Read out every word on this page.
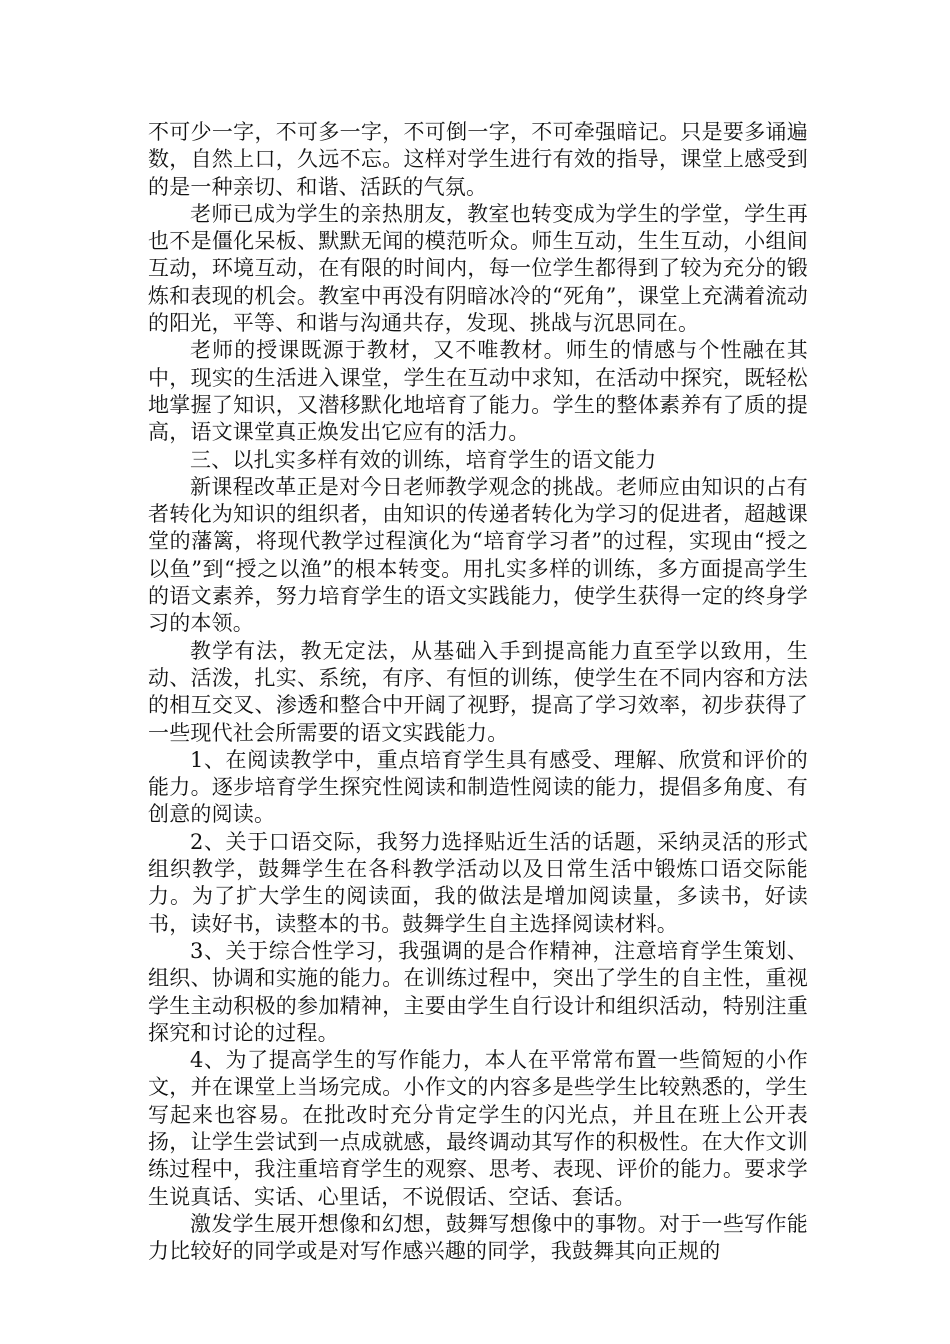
不可少一字，不可多一字，不可倒一字，不可牵强暗记。只是要多诵遍数，自然上口，久远不忘。这样对学生进行有效的指导，课堂上感受到的是一种亲切、和谐、活跃的气氛。

老师已成为学生的亲热朋友，教室也转变成为学生的学堂，学生再也不是僵化呆板、默默无闻的模范听众。师生互动，生生互动，小组间互动，环境互动，在有限的时间内，每一位学生都得到了较为充分的锻炼和表现的机会。教室中再没有阴暗冰冷的“死角”，课堂上充满着流动的阳光，平等、和谐与沟通共存，发现、挑战与沉思同在。

老师的授课既源于教材，又不唯教材。师生的情感与个性融在其中，现实的生活进入课堂，学生在互动中求知，在活动中探究，既轻松地掌握了知识，又潜移默化地培育了能力。学生的整体素养有了质的提高，语文课堂真正焕发出它应有的活力。

三、以扎实多样有效的训练，培育学生的语文能力

新课程改革正是对今日老师教学观念的挑战。老师应由知识的占有者转化为知识的组织者，由知识的传递者转化为学习的促进者，超越课堂的藩篱，将现代教学过程演化为“培育学习者”的过程，实现由“授之以鱼”到“授之以渔”的根本转变。用扎实多样的训练，多方面提高学生的语文素养，努力培育学生的语文实践能力，使学生获得一定的终身学习的本领。

教学有法，教无定法，从基础入手到提高能力直至学以致用，生动、活泼，扎实、系统，有序、有恒的训练，使学生在不同内容和方法的相互交叉、渗透和整合中开阔了视野，提高了学习效率，初步获得了一些现代社会所需要的语文实践能力。

1、在阅读教学中，重点培育学生具有感受、理解、欣赏和评价的能力。逐步培育学生探究性阅读和制造性阅读的能力，提倡多角度、有创意的阅读。

2、关于口语交际，我努力选择贴近生活的话题，采纳灵活的形式组织教学，鼓舞学生在各科教学活动以及日常生活中锻炼口语交际能力。为了扩大学生的阅读面，我的做法是增加阅读量，多读书，好读书，读好书，读整本的书。鼓舞学生自主选择阅读材料。

3、关于综合性学习，我强调的是合作精神，注意培育学生策划、组织、协调和实施的能力。在训练过程中，突出了学生的自主性，重视学生主动积极的参加精神，主要由学生自行设计和组织活动，特别注重探究和讨论的过程。

4、为了提高学生的写作能力，本人在平常常布置一些简短的小作文，并在课堂上当场完成。小作文的内容多是些学生比较熟悉的，学生写起来也容易。在批改时充分肯定学生的闪光点，并且在班上公开表扬，让学生尝试到一点成就感，最终调动其写作的积极性。在大作文训练过程中，我注重培育学生的观察、思考、表现、评价的能力。要求学生说真话、实话、心里话，不说假话、空话、套话。

激发学生展开想像和幻想，鼓舞写想像中的事物。对于一些写作能力比较好的同学或是对写作感兴趣的同学，我鼓舞其向正规的
